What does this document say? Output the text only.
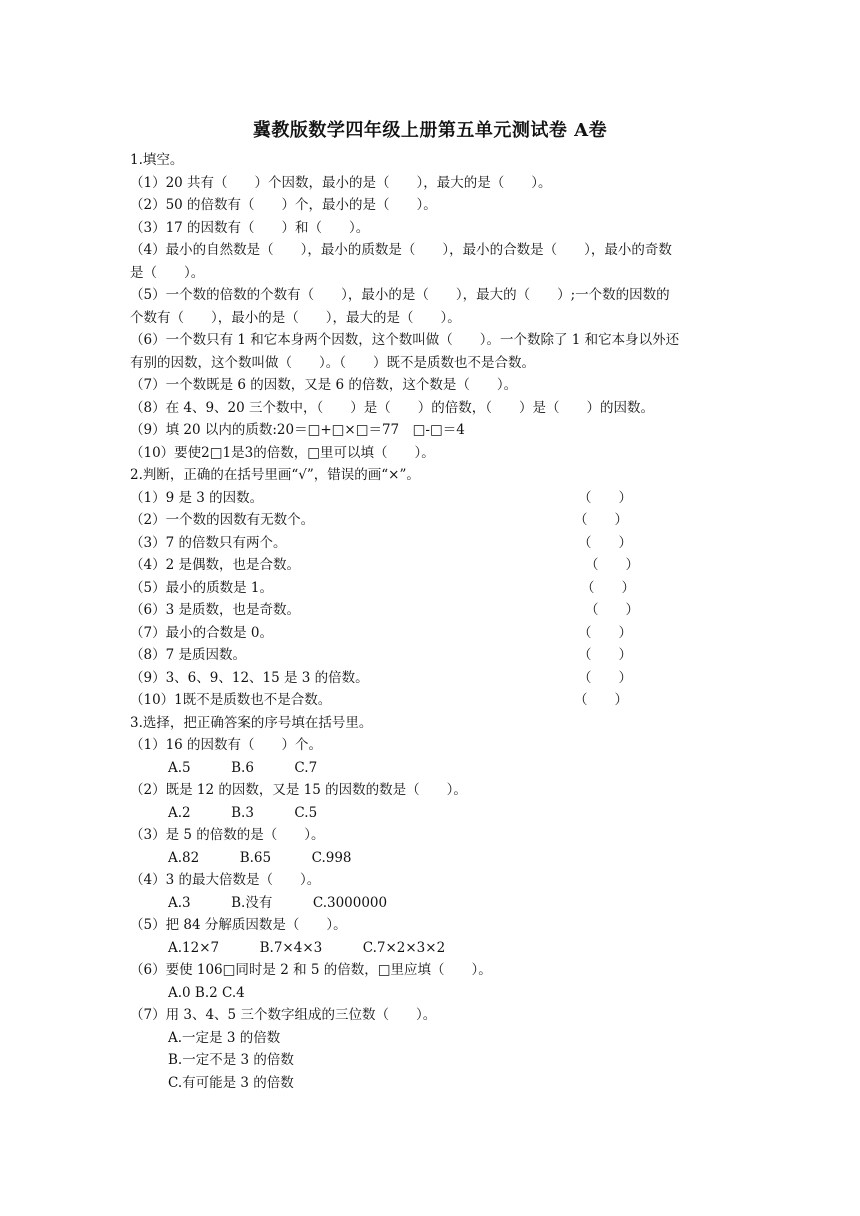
冀教版数学四年级上册第五单元测试卷 A卷
1.填空。
（1）20 共有（　　）个因数，最小的是（　　），最大的是（　　）。
（2）50 的倍数有（　　）个，最小的是（　　）。
（3）17 的因数有（　　）和（　　）。
（4）最小的自然数是（　　），最小的质数是（　　），最小的合数是（　　），最小的奇数
是（　　）。
（5）一个数的倍数的个数有（　　），最小的是（　　），最大的（　　）;一个数的因数的
个数有（　　），最小的是（　　），最大的是（　　）。
（6）一个数只有 1 和它本身两个因数，这个数叫做（　　）。一个数除了 1 和它本身以外还
有别的因数，这个数叫做（　　）。（　　）既不是质数也不是合数。
（7）一个数既是 6 的因数，又是 6 的倍数，这个数是（　　）。
（8）在 4、9、20 三个数中，（　　）是（　　）的倍数，（　　）是（　　）的因数。
（9）填 20 以内的质数:20＝□+□×□＝77　□-□＝4
（10）要使2□1是3的倍数，□里可以填（　　）。
2.判断，正确的在括号里画“√”，错误的画“×”。
（1）9 是 3 的因数。	（　　）
（2）一个数的因数有无数个。	（　　）
（3）7 的倍数只有两个。	（　　）
（4）2 是偶数，也是合数。	（　　）
（5）最小的质数是 1。	（　　）
（6）3 是质数，也是奇数。	（　　）
（7）最小的合数是 0。	（　　）
（8）7 是质因数。	（　　）
（9）3、6、9、12、15 是 3 的倍数。	（　　）
（10）1既不是质数也不是合数。	（　　）
3.选择，把正确答案的序号填在括号里。
（1）16 的因数有（　　）个。
A.5　　　B.6　　　C.7
（2）既是 12 的因数，又是 15 的因数的数是（　　）。
A.2　　　B.3　　　C.5
（3）是 5 的倍数的是（　　）。
A.82　　　B.65　　　C.998
（4）3 的最大倍数是（　　）。
A.3　　　B.没有　　　C.3000000
（5）把 84 分解质因数是（　　）。
A.12×7　　　B.7×4×3　　　C.7×2×3×2
（6）要使 106□同时是 2 和 5 的倍数，□里应填（　　）。
A.0 B.2 C.4
（7）用 3、4、5 三个数字组成的三位数（　　）。
A.一定是 3 的倍数
B.一定不是 3 的倍数
C.有可能是 3 的倍数
